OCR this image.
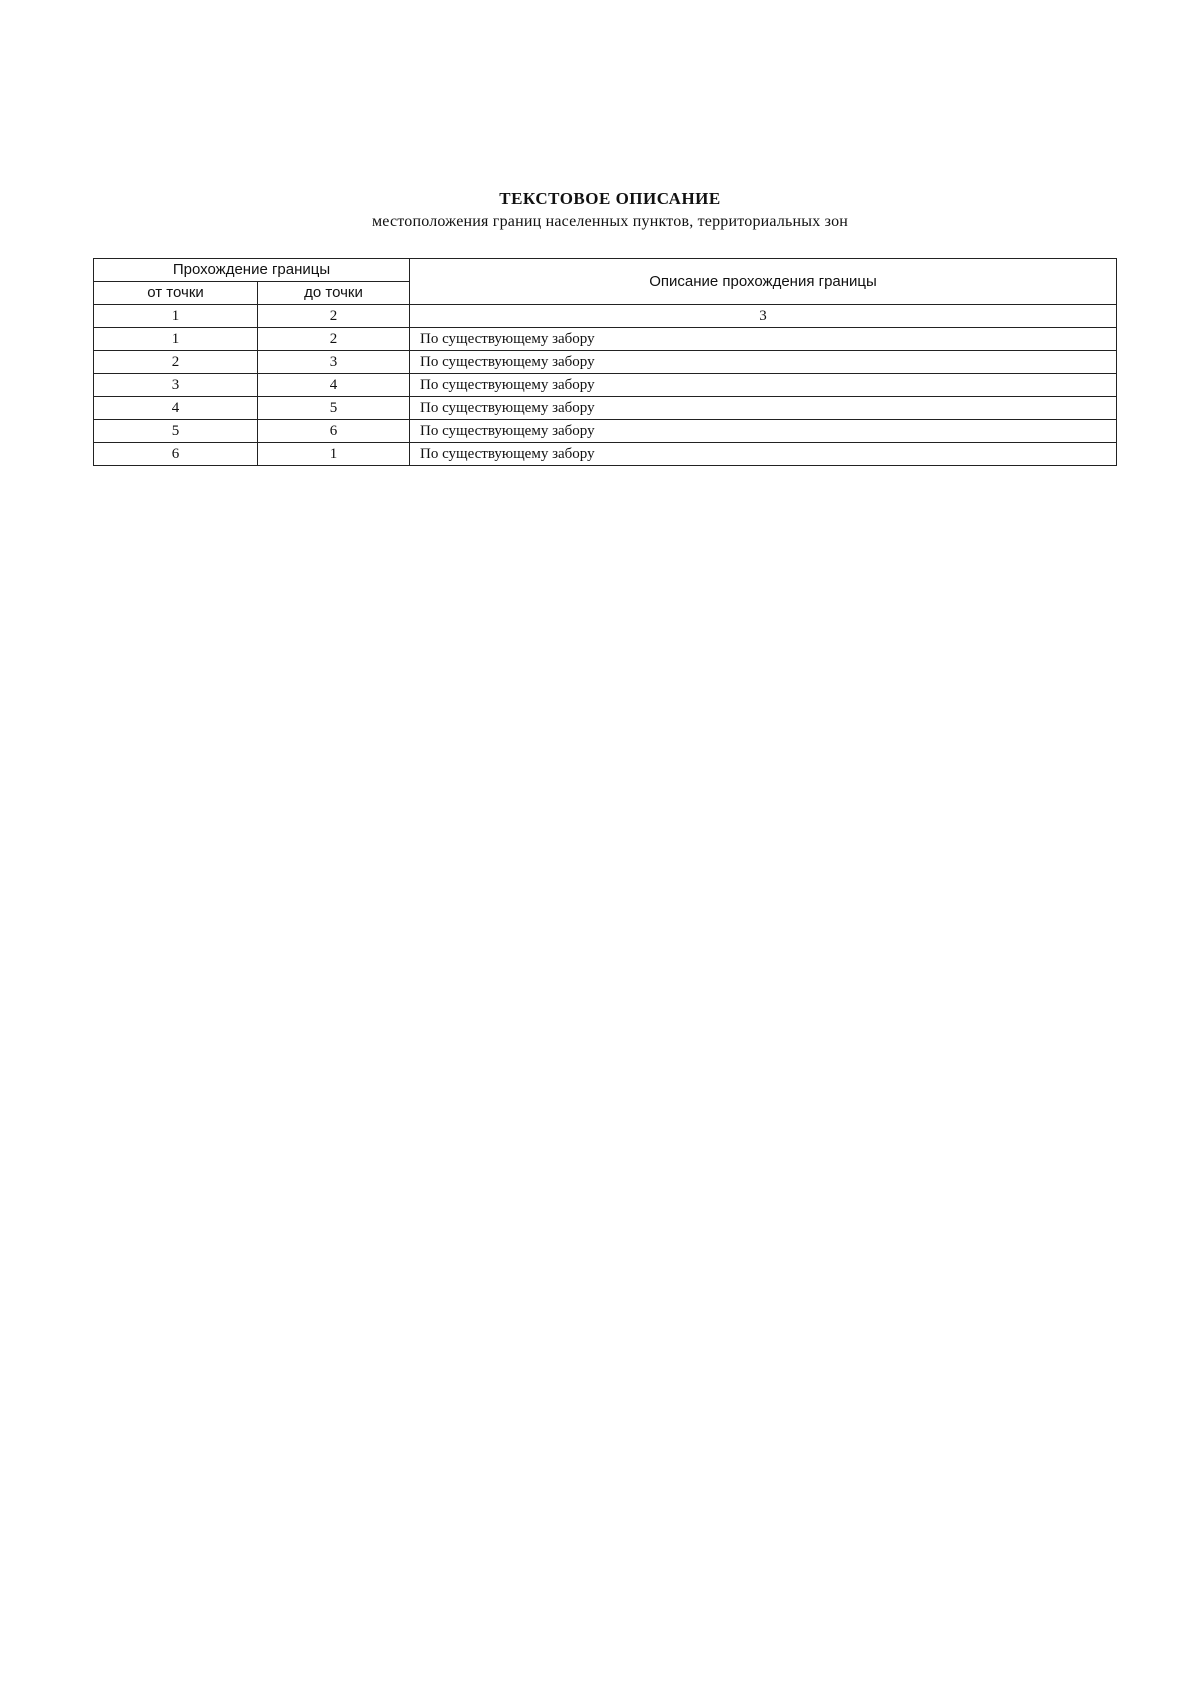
ТЕКСТОВОЕ ОПИСАНИЕ
местоположения границ населенных пунктов, территориальных зон
Прохождение границы		Описание прохождения границы
от точки	до точки	
1	2	3
1	2	По существующему забору
2	3	По существующему забору
3	4	По существующему забору
4	5	По существующему забору
5	6	По существующему забору
6	1	По существующему забору
